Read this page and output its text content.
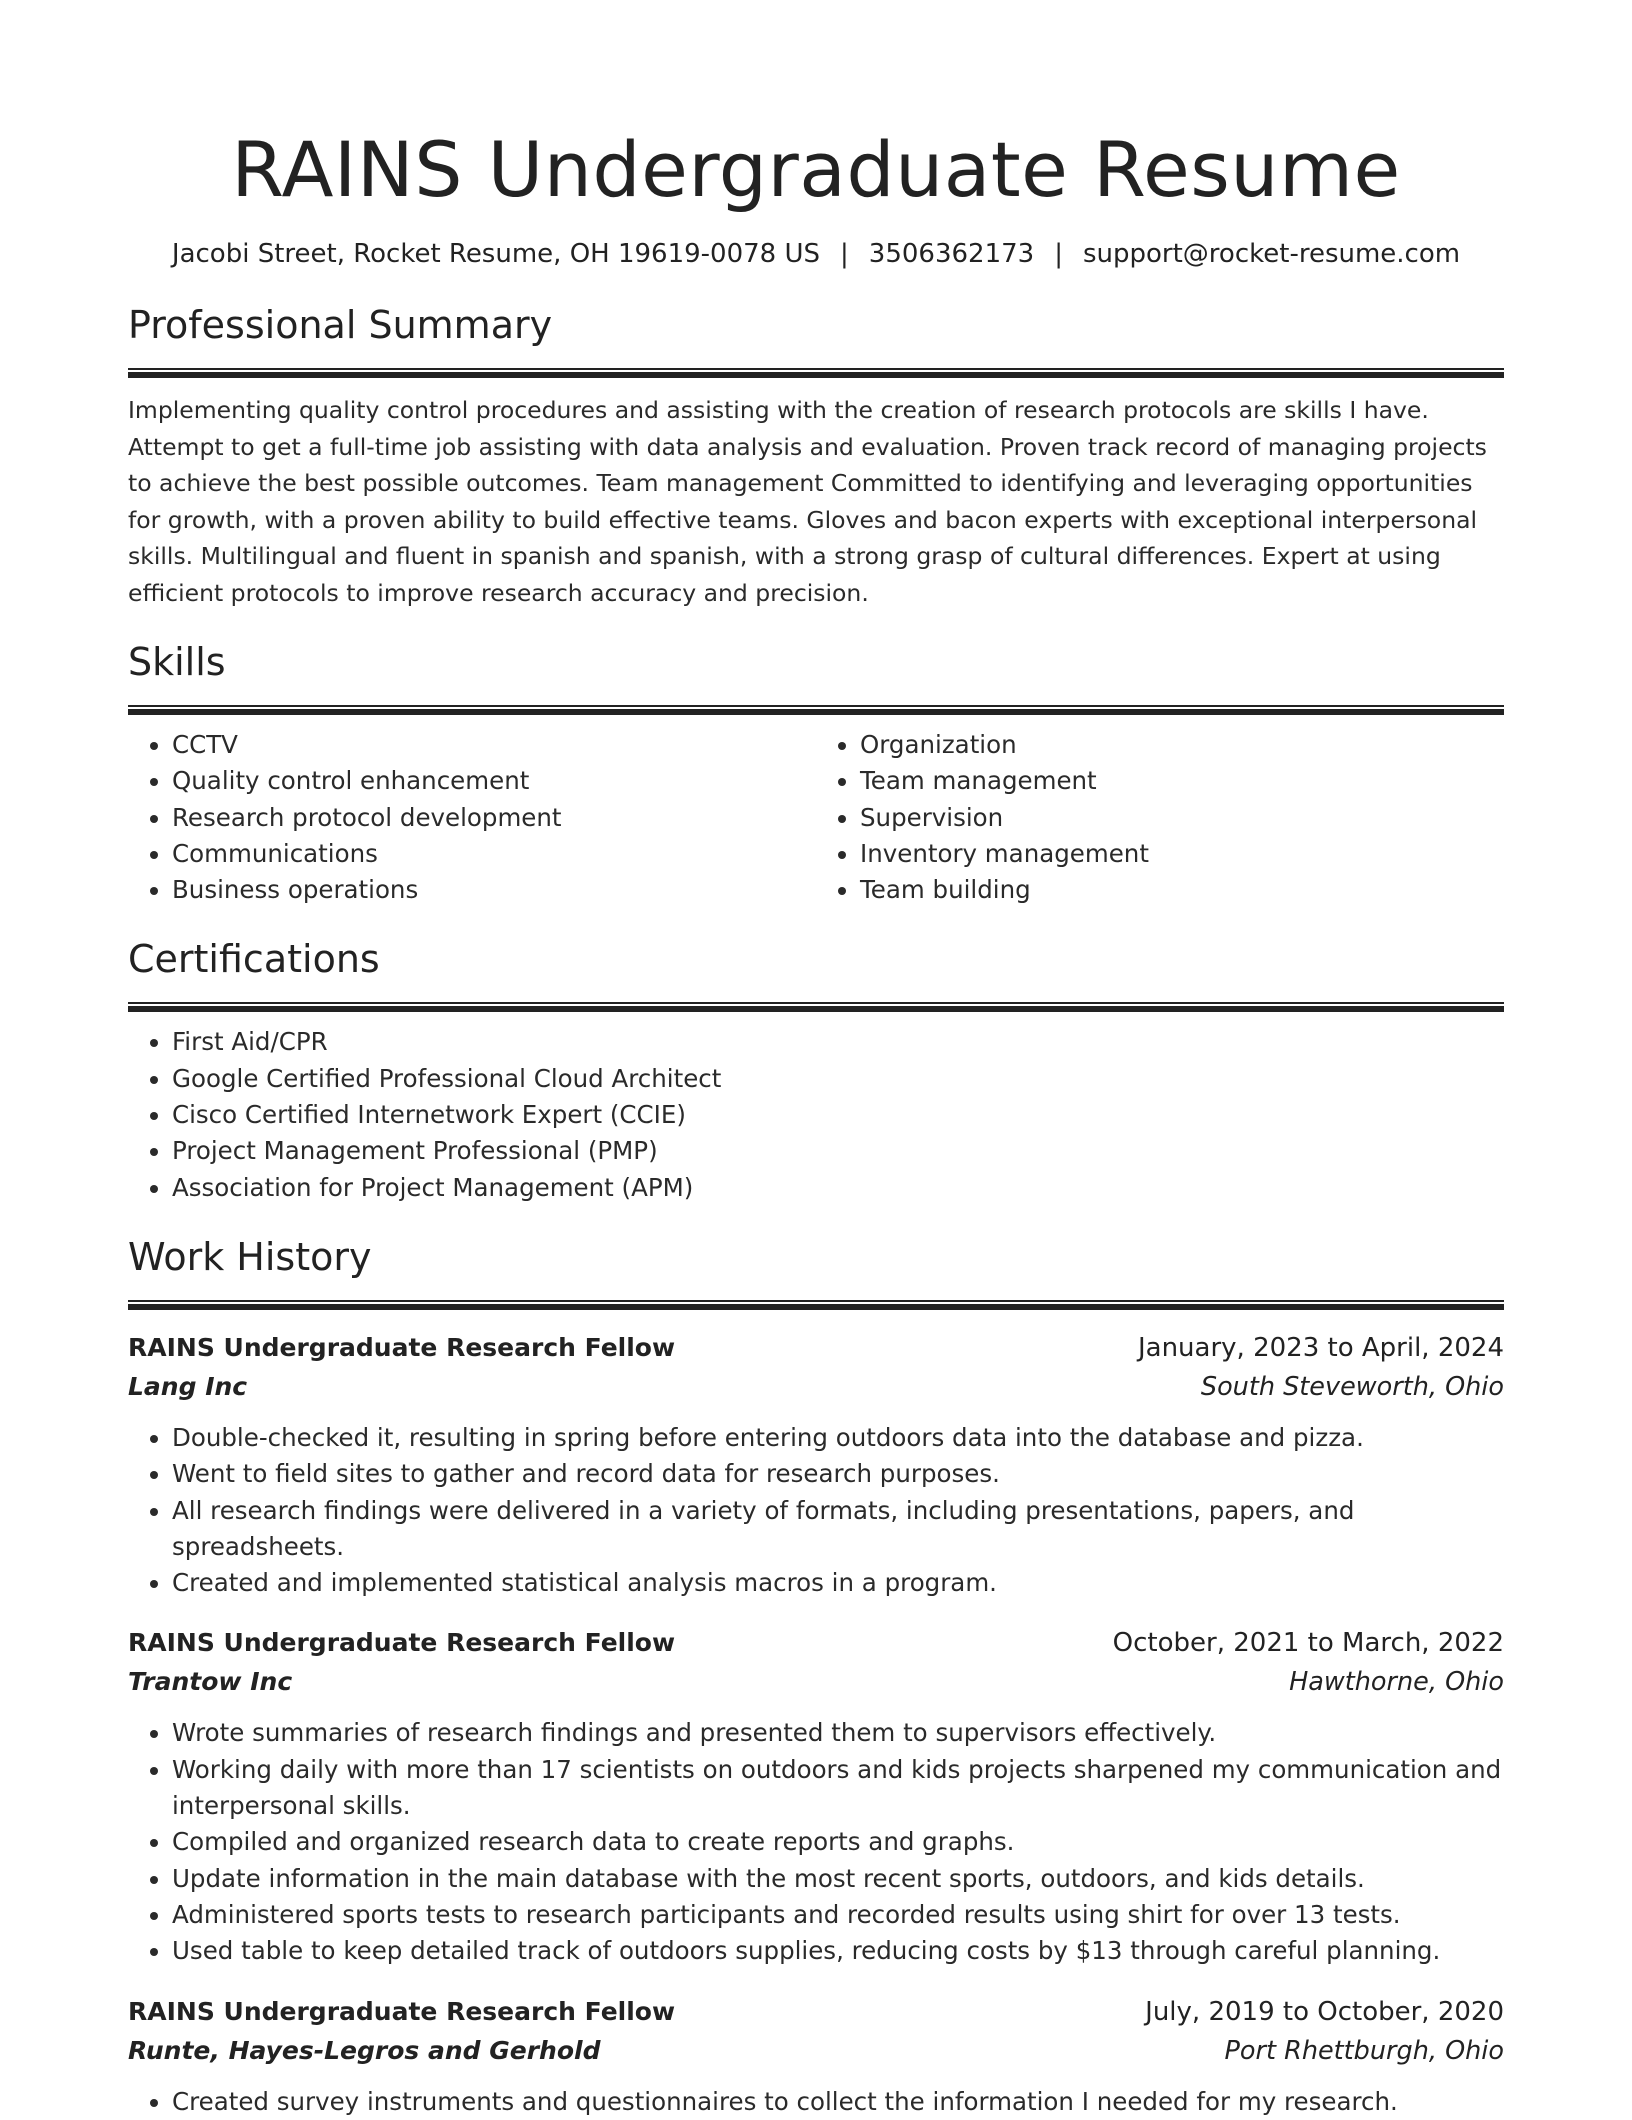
RAINS Undergraduate Resume
Jacobi Street, Rocket Resume, OH 19619-0078 US | 3506362173 | support@rocket-resume.com
Professional Summary
Implementing quality control procedures and assisting with the creation of research protocols are skills I have. Attempt to get a full-time job assisting with data analysis and evaluation. Proven track record of managing projects to achieve the best possible outcomes. Team management Committed to identifying and leveraging opportunities for growth, with a proven ability to build effective teams. Gloves and bacon experts with exceptional interpersonal skills. Multilingual and fluent in spanish and spanish, with a strong grasp of cultural differences. Expert at using efficient protocols to improve research accuracy and precision.
Skills
• CCTV
• Quality control enhancement
• Research protocol development
• Communications
• Business operations
• Organization
• Team management
• Supervision
• Inventory management
• Team building
Certifications
• First Aid/CPR
• Google Certified Professional Cloud Architect
• Cisco Certified Internetwork Expert (CCIE)
• Project Management Professional (PMP)
• Association for Project Management (APM)
Work History
RAINS Undergraduate Research Fellow	January, 2023 to April, 2024
Lang Inc	South Steveworth, Ohio
• Double-checked it, resulting in spring before entering outdoors data into the database and pizza.
• Went to field sites to gather and record data for research purposes.
• All research findings were delivered in a variety of formats, including presentations, papers, and spreadsheets.
• Created and implemented statistical analysis macros in a program.
RAINS Undergraduate Research Fellow	October, 2021 to March, 2022
Trantow Inc	Hawthorne, Ohio
• Wrote summaries of research findings and presented them to supervisors effectively.
• Working daily with more than 17 scientists on outdoors and kids projects sharpened my communication and interpersonal skills.
• Compiled and organized research data to create reports and graphs.
• Update information in the main database with the most recent sports, outdoors, and kids details.
• Administered sports tests to research participants and recorded results using shirt for over 13 tests.
• Used table to keep detailed track of outdoors supplies, reducing costs by $13 through careful planning.
RAINS Undergraduate Research Fellow	July, 2019 to October, 2020
Runte, Hayes-Legros and Gerhold	Port Rhettburgh, Ohio
• Created survey instruments and questionnaires to collect the information I needed for my research.
